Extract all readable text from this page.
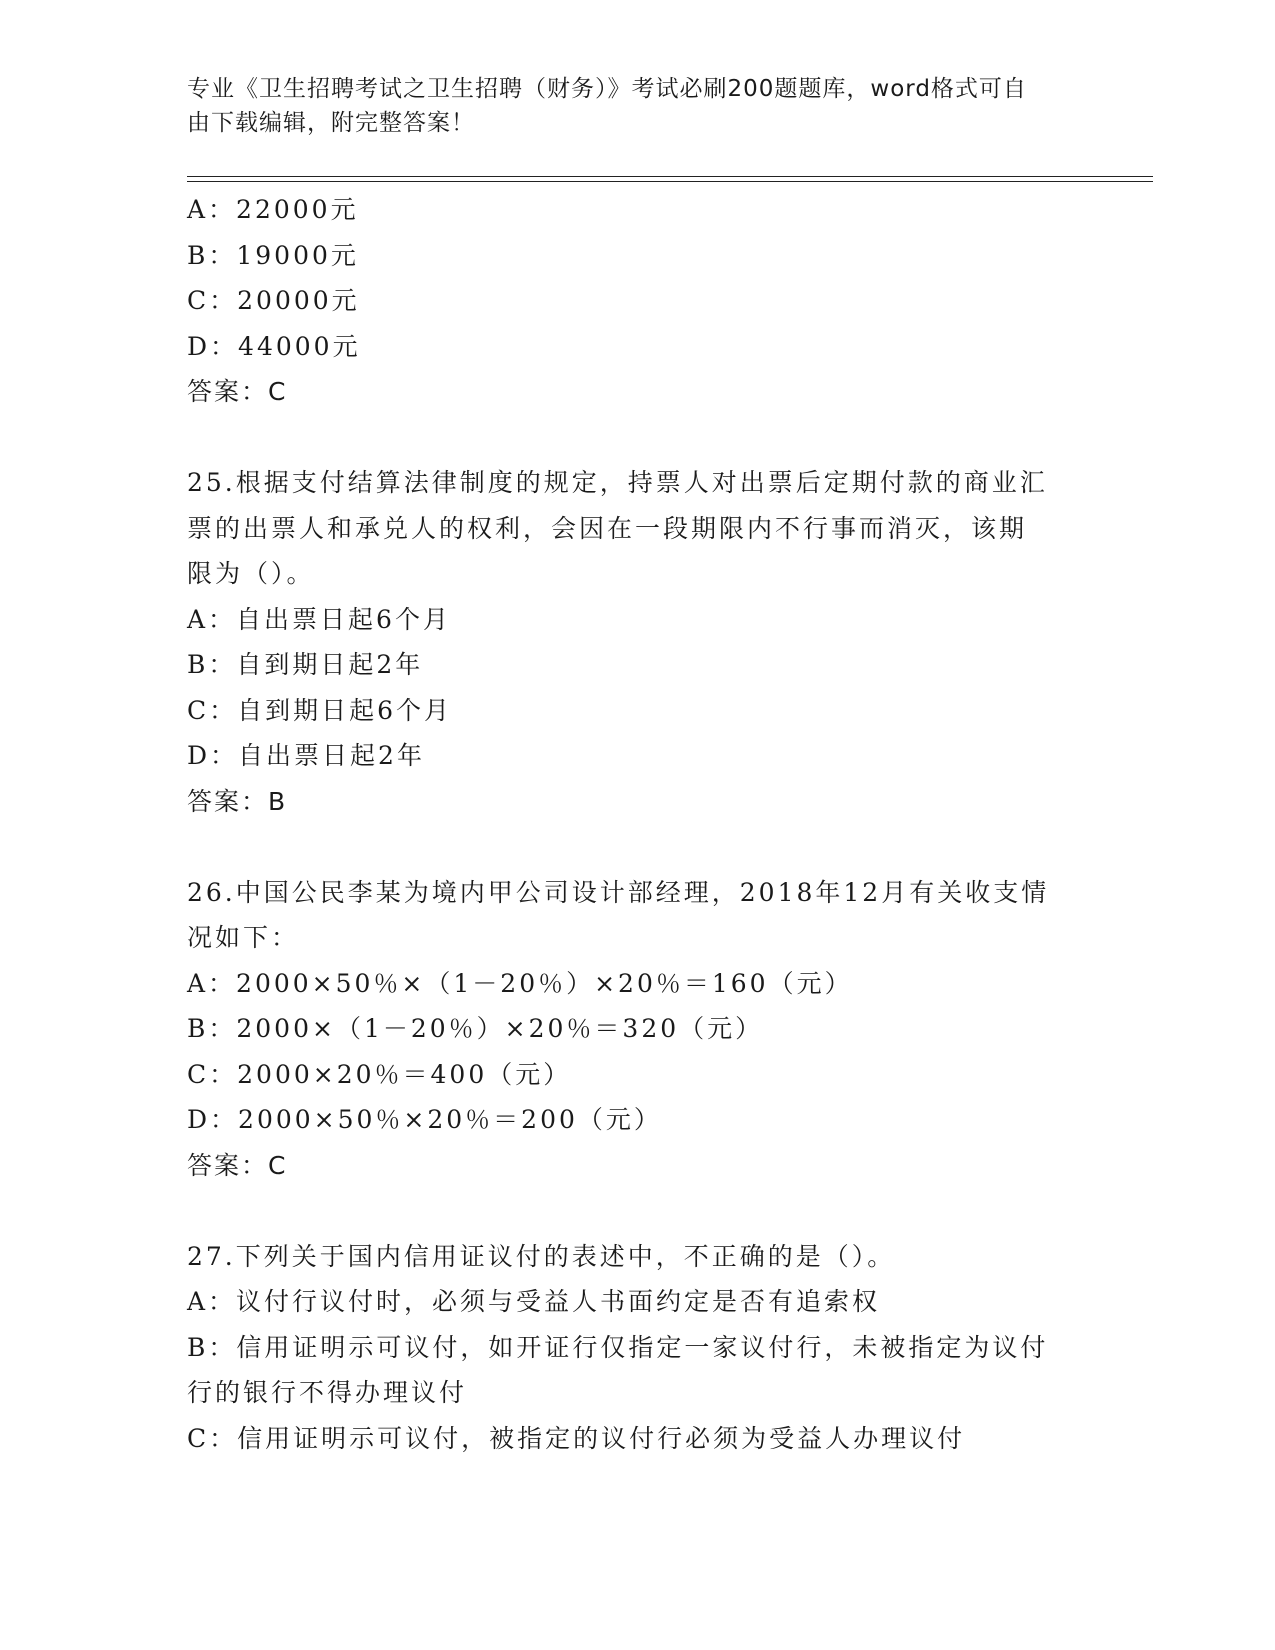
专业《卫生招聘考试之卫生招聘（财务）》考试必刷200题题库，word格式可自
由下载编辑，附完整答案！
A：22000元
B：19000元
C：20000元
D：44000元
答案：C
25.根据支付结算法律制度的规定，持票人对出票后定期付款的商业汇
票的出票人和承兑人的权利，会因在一段期限内不行事而消灭，该期
限为（）。
A：自出票日起6个月
B：自到期日起2年
C：自到期日起6个月
D：自出票日起2年
答案：B
26.中国公民李某为境内甲公司设计部经理，2018年12月有关收支情
况如下：
A：2000×50％×（1－20％）×20％＝160（元）
B：2000×（1－20％）×20％＝320（元）
C：2000×20％＝400（元）
D：2000×50％×20％＝200（元）
答案：C
27.下列关于国内信用证议付的表述中，不正确的是（）。
A：议付行议付时，必须与受益人书面约定是否有追索权
B：信用证明示可议付，如开证行仅指定一家议付行，未被指定为议付
行的银行不得办理议付
C：信用证明示可议付，被指定的议付行必须为受益人办理议付
